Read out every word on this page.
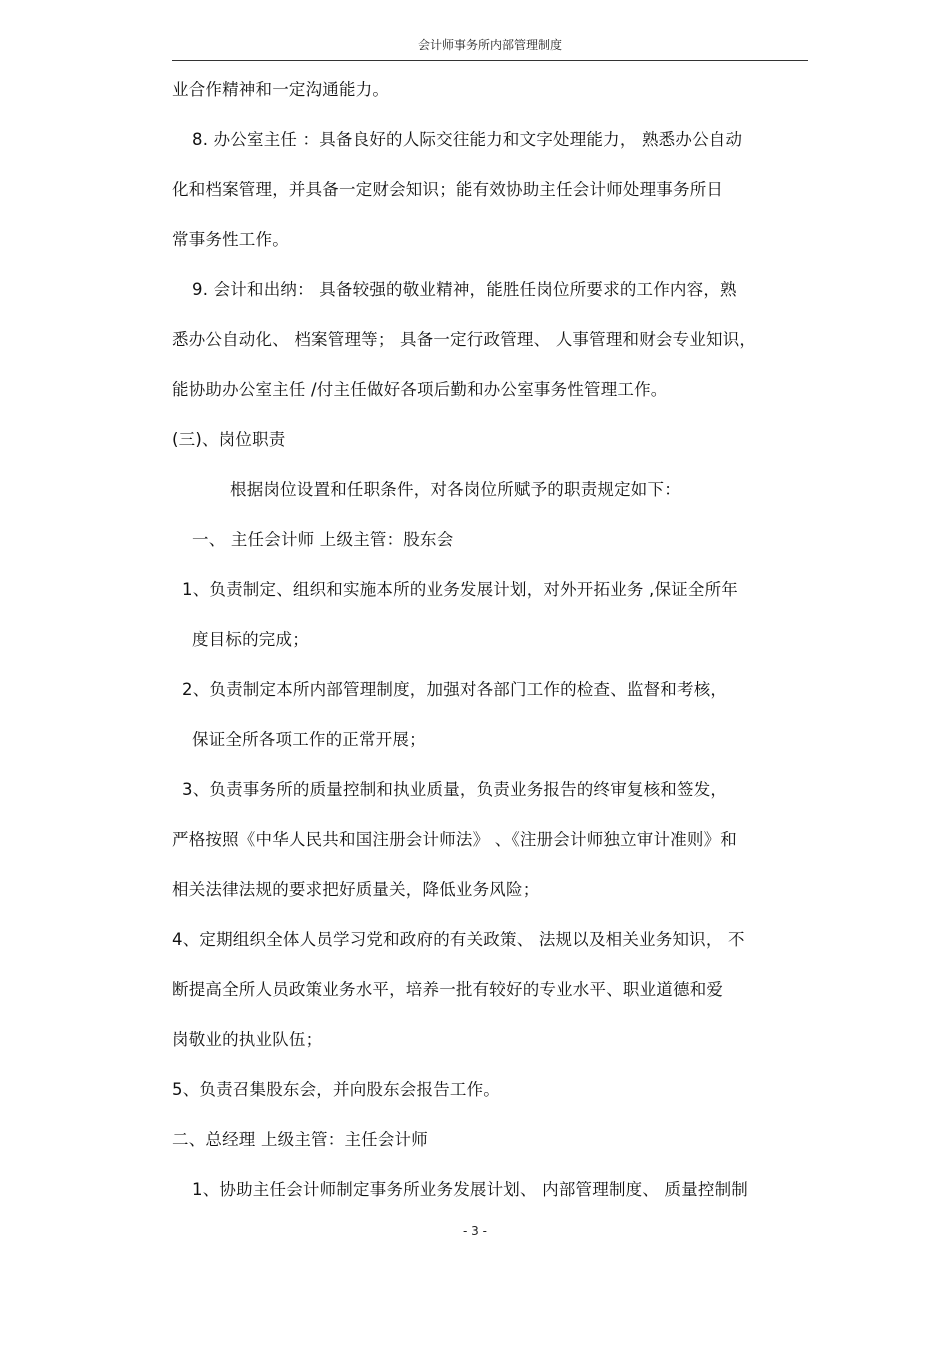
会计师事务所内部管理制度
业合作精神和一定沟通能力。
8. 办公室主任 ：具备良好的人际交往能力和文字处理能力， 熟悉办公自动
化和档案管理，并具备一定财会知识；能有效协助主任会计师处理事务所日
常事务性工作。
9. 会计和出纳： 具备较强的敬业精神，能胜任岗位所要求的工作内容，熟
悉办公自动化、 档案管理等； 具备一定行政管理、 人事管理和财会专业知识，
能协助办公室主任 /付主任做好各项后勤和办公室事务性管理工作。
(三)、岗位职责
根据岗位设置和任职条件，对各岗位所赋予的职责规定如下：
一、 主任会计师 上级主管：股东会
1、负责制定、组织和实施本所的业务发展计划，对外开拓业务 ,保证全所年
度目标的完成；
2、负责制定本所内部管理制度，加强对各部门工作的检查、监督和考核，
保证全所各项工作的正常开展；
3、负责事务所的质量控制和执业质量，负责业务报告的终审复核和签发，
严格按照《中华人民共和国注册会计师法》 、《注册会计师独立审计准则》和
相关法律法规的要求把好质量关，降低业务风险；
4、定期组织全体人员学习党和政府的有关政策、 法规以及相关业务知识， 不
断提高全所人员政策业务水平，培养一批有较好的专业水平、职业道德和爱
岗敬业的执业队伍；
5、负责召集股东会，并向股东会报告工作。
二、总经理 上级主管：主任会计师
1、协助主任会计师制定事务所业务发展计划、 内部管理制度、 质量控制制
- 3 -
